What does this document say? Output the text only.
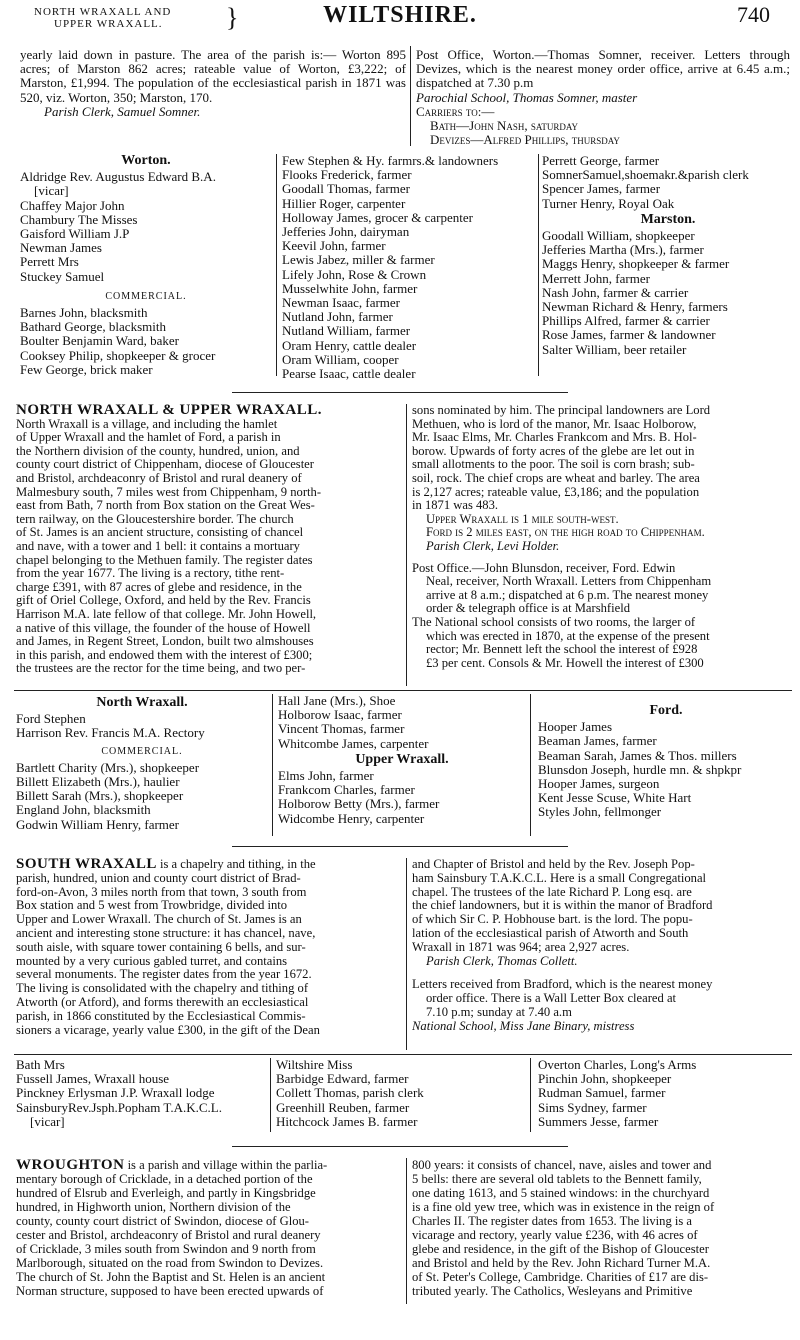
NORTH WRAXALL AND
UPPER WRAXALL.	}	WILTSHIRE.	740

yearly laid down in pasture. The area of the parish is:— Worton 895 acres; of Marston 862 acres; rateable value of Worton, £3,222; of Marston, £1,994. The population of the ecclesiastical parish in 1871 was 520, viz. Worton, 350; Marston, 170.

Parish Clerk, Samuel Somner.

Post Office, Worton.—Thomas Somner, receiver. Letters through Devizes, which is the nearest money order office, arrive at 6.45 a.m.; dispatched at 7.30 p.m

Parochial School, Thomas Somner, master

Carriers to:—

Bath—John Nash, saturday

Devizes—Alfred Phillips, thursday

Worton.
Aldridge Rev. Augustus Edward B.A.
[vicar]
Chaffey Major John
Chambury The Misses
Gaisford William J.P
Newman James
Perrett Mrs
Stuckey Samuel
COMMERCIAL.
Barnes John, blacksmith
Bathard George, blacksmith
Boulter Benjamin Ward, baker
Cooksey Philip, shopkeeper & grocer
Few George, brick maker
Few Stephen & Hy. farmrs.& landowners
Flooks Frederick, farmer
Goodall Thomas, farmer
Hillier Roger, carpenter
Holloway James, grocer & carpenter
Jefferies John, dairyman
Keevil John, farmer
Lewis Jabez, miller & farmer
Lifely John, Rose & Crown
Musselwhite John, farmer
Newman Isaac, farmer
Nutland John, farmer
Nutland William, farmer
Oram Henry, cattle dealer
Oram William, cooper
Pearse Isaac, cattle dealer
Perrett George, farmer
SomnerSamuel,shoemakr.&parish clerk
Spencer James, farmer
Turner Henry, Royal Oak
Marston.
Goodall William, shopkeeper
Jefferies Martha (Mrs.), farmer
Maggs Henry, shopkeeper & farmer
Merrett John, farmer
Nash John, farmer & carrier
Newman Richard & Henry, farmers
Phillips Alfred, farmer & carrier
Rose James, farmer & landowner
Salter William, beer retailer
NORTH WRAXALL & UPPER WRAXALL.
North Wraxall is a village, and including the hamlet
of Upper Wraxall and the hamlet of Ford, a parish in
the Northern division of the county, hundred, union, and
county court district of Chippenham, diocese of Gloucester
and Bristol, archdeaconry of Bristol and rural deanery of
Malmesbury south, 7 miles west from Chippenham, 9 north-
east from Bath, 7 north from Box station on the Great Wes-
tern railway, on the Gloucestershire border. The church
of St. James is an ancient structure, consisting of chancel
and nave, with a tower and 1 bell: it contains a mortuary
chapel belonging to the Methuen family. The register dates
from the year 1677. The living is a rectory, tithe rent-
charge £391, with 87 acres of glebe and residence, in the
gift of Oriel College, Oxford, and held by the Rev. Francis
Harrison M.A. late fellow of that college. Mr. John Howell,
a native of this village, the founder of the house of Howell
and James, in Regent Street, London, built two almshouses
in this parish, and endowed them with the interest of £300;
the trustees are the rector for the time being, and two per-
sons nominated by him. The principal landowners are Lord
Methuen, who is lord of the manor, Mr. Isaac Holborow,
Mr. Isaac Elms, Mr. Charles Frankcom and Mrs. B. Hol-
borow. Upwards of forty acres of the glebe are let out in
small allotments to the poor. The soil is corn brash; sub-
soil, rock. The chief crops are wheat and barley. The area
is 2,127 acres; rateable value, £3,186; and the population
in 1871 was 483.
Upper Wraxall is 1 mile south-west.
Ford is 2 miles east, on the high road to Chippenham.
Parish Clerk, Levi Holder.
Post Office.—John Blunsdon, receiver, Ford. Edwin
Neal, receiver, North Wraxall. Letters from Chippenham
arrive at 8 a.m.; dispatched at 6 p.m. The nearest money
order & telegraph office is at Marshfield
The National school consists of two rooms, the larger of
which was erected in 1870, at the expense of the present
rector; Mr. Bennett left the school the interest of £928
£3 per cent. Consols & Mr. Howell the interest of £300
North Wraxall.
Ford Stephen
Harrison Rev. Francis M.A. Rectory
COMMERCIAL.
Bartlett Charity (Mrs.), shopkeeper
Billett Elizabeth (Mrs.), haulier
Billett Sarah (Mrs.), shopkeeper
England John, blacksmith
Godwin William Henry, farmer
Hall Jane (Mrs.), Shoe
Holborow Isaac, farmer
Vincent Thomas, farmer
Whitcombe James, carpenter
Upper Wraxall.
Elms John, farmer
Frankcom Charles, farmer
Holborow Betty (Mrs.), farmer
Widcombe Henry, carpenter
Ford.
Hooper James
Beaman James, farmer
Beaman Sarah, James & Thos. millers
Blunsdon Joseph, hurdle mn. & shpkpr
Hooper James, surgeon
Kent Jesse Scuse, White Hart
Styles John, fellmonger
SOUTH WRAXALL is a chapelry and tithing, in the
parish, hundred, union and county court district of Brad-
ford-on-Avon, 3 miles north from that town, 3 south from
Box station and 5 west from Trowbridge, divided into
Upper and Lower Wraxall. The church of St. James is an
ancient and interesting stone structure: it has chancel, nave,
south aisle, with square tower containing 6 bells, and sur-
mounted by a very curious gabled turret, and contains
several monuments. The register dates from the year 1672.
The living is consolidated with the chapelry and tithing of
Atworth (or Atford), and forms therewith an ecclesiastical
parish, in 1866 constituted by the Ecclesiastical Commis-
sioners a vicarage, yearly value £300, in the gift of the Dean
and Chapter of Bristol and held by the Rev. Joseph Pop-
ham Sainsbury T.A.K.C.L. Here is a small Congregational
chapel. The trustees of the late Richard P. Long esq. are
the chief landowners, but it is within the manor of Bradford
of which Sir C. P. Hobhouse bart. is the lord. The popu-
lation of the ecclesiastical parish of Atworth and South
Wraxall in 1871 was 964; area 2,927 acres.
Parish Clerk, Thomas Collett.
Letters received from Bradford, which is the nearest money
order office. There is a Wall Letter Box cleared at
7.10 p.m; sunday at 7.40 a.m
National School, Miss Jane Binary, mistress
Bath Mrs
Fussell James, Wraxall house
Pinckney Erlysman J.P. Wraxall lodge
SainsburyRev.Jsph.Popham T.A.K.C.L.
[vicar]
Wiltshire Miss
Barbidge Edward, farmer
Collett Thomas, parish clerk
Greenhill Reuben, farmer
Hitchcock James B. farmer
Overton Charles, Long's Arms
Pinchin John, shopkeeper
Rudman Samuel, farmer
Sims Sydney, farmer
Summers Jesse, farmer
WROUGHTON is a parish and village within the parlia-
mentary borough of Cricklade, in a detached portion of the
hundred of Elsrub and Everleigh, and partly in Kingsbridge
hundred, in Highworth union, Northern division of the
county, county court district of Swindon, diocese of Glou-
cester and Bristol, archdeaconry of Bristol and rural deanery
of Cricklade, 3 miles south from Swindon and 9 north from
Marlborough, situated on the road from Swindon to Devizes.
The church of St. John the Baptist and St. Helen is an ancient
Norman structure, supposed to have been erected upwards of
800 years: it consists of chancel, nave, aisles and tower and
5 bells: there are several old tablets to the Bennett family,
one dating 1613, and 5 stained windows: in the churchyard
is a fine old yew tree, which was in existence in the reign of
Charles II. The register dates from 1653. The living is a
vicarage and rectory, yearly value £236, with 46 acres of
glebe and residence, in the gift of the Bishop of Gloucester
and Bristol and held by the Rev. John Richard Turner M.A.
of St. Peter's College, Cambridge. Charities of £17 are dis-
tributed yearly. The Catholics, Wesleyans and Primitive
